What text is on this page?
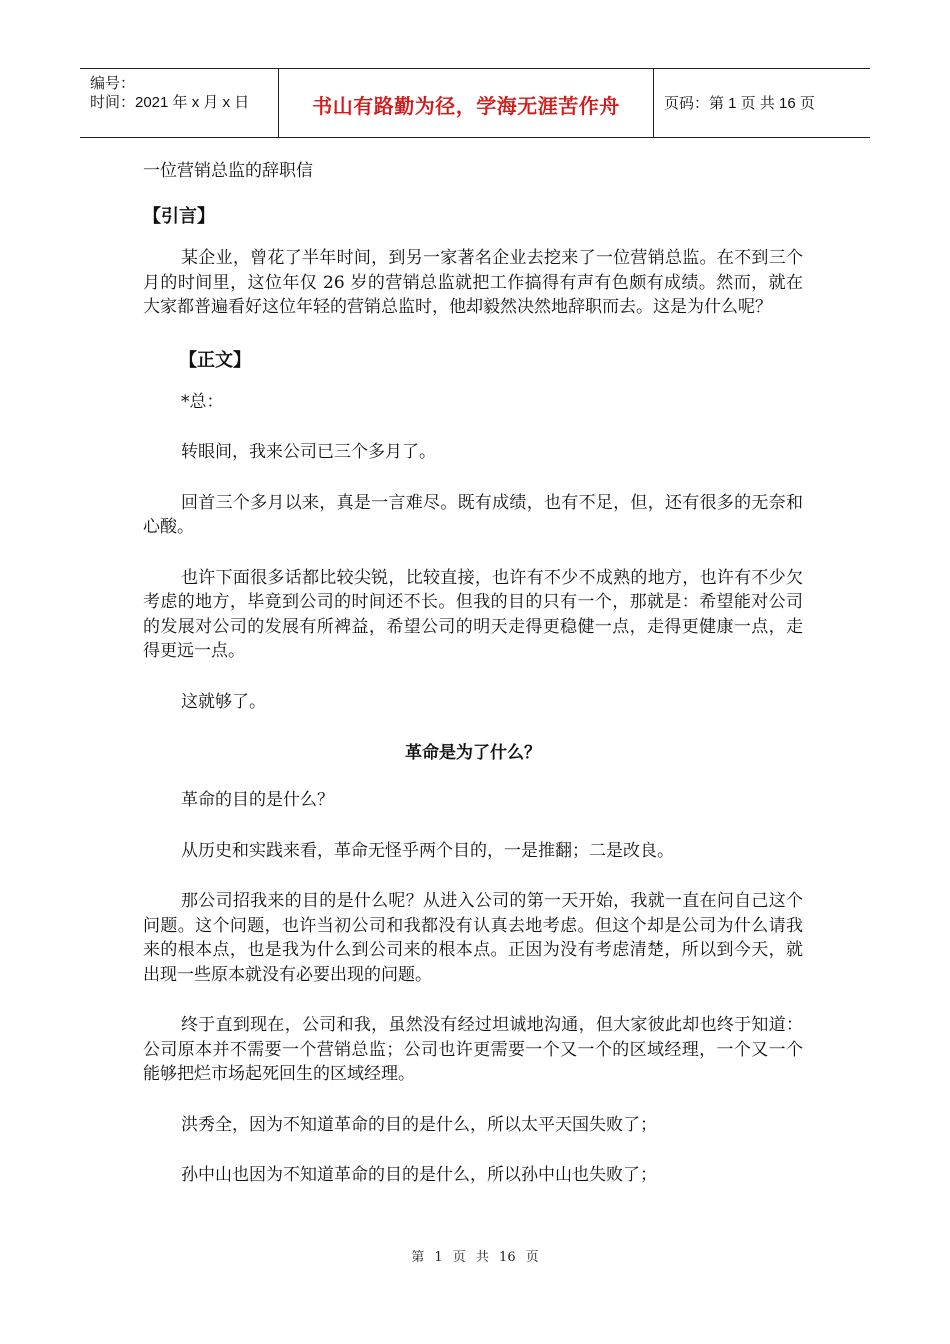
编号：
时间：2021 年 x 月 x 日	书山有路勤为径，学海无涯苦作舟	页码：第 1 页 共 16 页
一位营销总监的辞职信
【引言】

某企业，曾花了半年时间，到另一家著名企业去挖来了一位营销总监。在不到三个月的时间里，这位年仅 26 岁的营销总监就把工作搞得有声有色颇有成绩。然而，就在大家都普遍看好这位年轻的营销总监时，他却毅然决然地辞职而去。这是为什么呢？

【正文】

*总：

转眼间，我来公司已三个多月了。

回首三个多月以来，真是一言难尽。既有成绩，也有不足，但，还有很多的无奈和心酸。

也许下面很多话都比较尖锐，比较直接，也许有不少不成熟的地方，也许有不少欠考虑的地方，毕竟到公司的时间还不长。但我的目的只有一个，那就是：希望能对公司的发展对公司的发展有所裨益，希望公司的明天走得更稳健一点，走得更健康一点，走得更远一点。

这就够了。

革命是为了什么？

革命的目的是什么？

从历史和实践来看，革命无怪乎两个目的，一是推翻；二是改良。

那公司招我来的目的是什么呢？从进入公司的第一天开始，我就一直在问自己这个问题。这个问题，也许当初公司和我都没有认真去地考虑。但这个却是公司为什么请我来的根本点，也是我为什么到公司来的根本点。正因为没有考虑清楚，所以到今天，就出现一些原本就没有必要出现的问题。

终于直到现在，公司和我，虽然没有经过坦诚地沟通，但大家彼此却也终于知道：公司原本并不需要一个营销总监；公司也许更需要一个又一个的区域经理，一个又一个能够把烂市场起死回生的区域经理。

洪秀全，因为不知道革命的目的是什么，所以太平天国失败了；

孙中山也因为不知道革命的目的是什么，所以孙中山也失败了；

第 1 页 共 16 页
